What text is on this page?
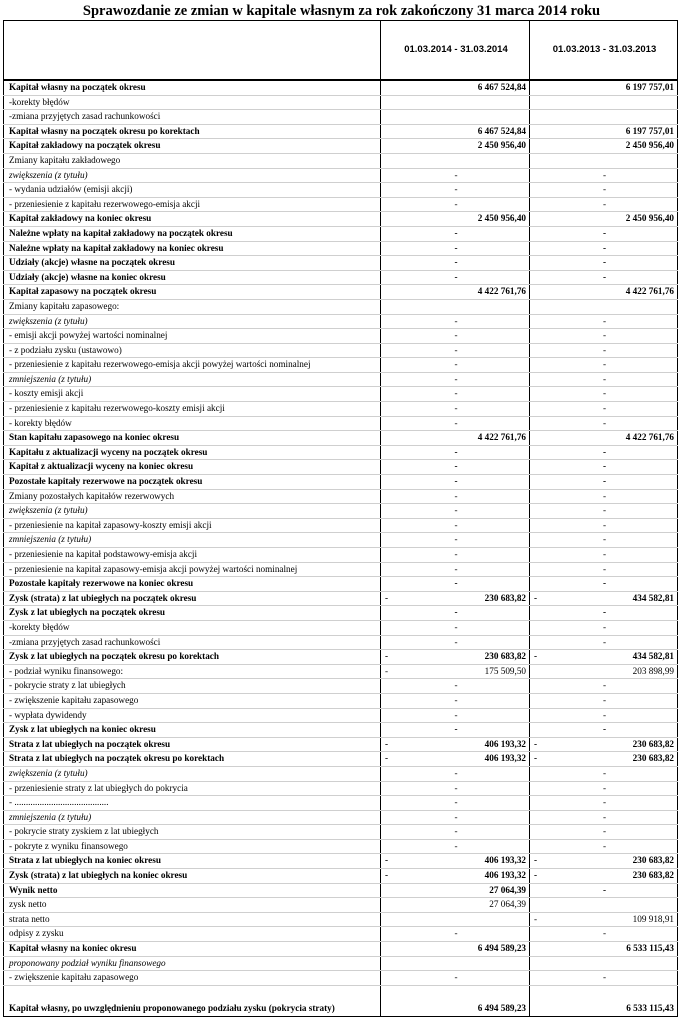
Sprawozdanie ze zmian w kapitale własnym za rok zakończony 31 marca 2014 roku
	01.03.2014 - 31.03.2014	01.03.2013 - 31.03.2013
Kapitał własny na początek okresu	6 467 524,84	6 197 757,01
-korekty błędów		
-zmiana przyjętych zasad rachunkowości		
Kapitał własny na początek okresu po korektach	6 467 524,84	6 197 757,01
Kapitał zakładowy na początek okresu	2 450 956,40	2 450 956,40
Zmiany kapitału zakładowego		
zwiększenia (z tytułu)	-	-

- wydania udziałów (emisji akcji)	-	-

- przeniesienie z kapitału rezerwowego-emisja akcji	-	-

Kapitał zakładowy na koniec okresu	2 450 956,40	2 450 956,40
Należne wpłaty na kapitał zakładowy na początek okresu	-	-

Należne wpłaty na kapitał zakładowy na koniec okresu	-	-

Udziały (akcje) własne na początek okresu	-	-

Udziały (akcje) własne na koniec okresu	-	-

Kapitał zapasowy na początek okresu	4 422 761,76	4 422 761,76
Zmiany kapitału zapasowego:		
zwiększenia (z tytułu)	-	-

- emisji akcji powyżej wartości nominalnej	-	-

- z podziału zysku (ustawowo)	-	-

- przeniesienie z kapitału rezerwowego-emisja akcji powyżej wartości nominalnej	-	-

zmniejszenia (z tytułu)	-	-

- koszty emisji akcji	-	-

- przeniesienie z kapitału rezerwowego-koszty emisji akcji	-	-

- korekty błędów	-	-

Stan kapitału zapasowego na koniec okresu	4 422 761,76	4 422 761,76
Kapitału z aktualizacji wyceny na początek okresu	-	-

Kapitał z aktualizacji wyceny na koniec okresu	-	-

Pozostałe kapitały rezerwowe na początek okresu	-	-

Zmiany pozostałych kapitałów rezerwowych	-	-

zwiększenia (z tytułu)	-	-

- przeniesienie na kapitał zapasowy-koszty emisji akcji	-	-

zmniejszenia (z tytułu)	-	-

- przeniesienie na kapitał podstawowy-emisja akcji	-	-

- przeniesienie na kapitał zapasowy-emisja akcji powyżej wartości nominalnej	-	-

Pozostałe kapitały rezerwowe na koniec okresu	-	-

Zysk (strata) z lat ubiegłych na początek okresu	- 230 683,82	- 434 582,81
Zysk z lat ubiegłych na początek okresu	-	-

-korekty błędów	-	-

-zmiana przyjętych zasad rachunkowości	-	-

Zysk z lat ubiegłych na początek okresu po korektach	- 230 683,82	- 434 582,81
- podział wyniku finansowego:	- 175 509,50	203 898,99
- pokrycie straty z lat ubiegłych	-	-

- zwiększenie kapitału zapasowego	-	-

- wypłata dywidendy	-	-

Zysk z lat ubiegłych na koniec okresu	-	-

Strata z lat ubiegłych na początek okresu	- 406 193,32	- 230 683,82
Strata z lat ubiegłych na początek okresu po korektach	- 406 193,32	- 230 683,82
zwiększenia (z tytułu)	-	-

- przeniesienie straty z lat ubiegłych do pokrycia	-	-

- .........................................	-	-

zmniejszenia (z tytułu)	-	-

- pokrycie straty zyskiem z lat ubiegłych	-	-

- pokryte z wyniku finansowego	-	-

Strata z lat ubiegłych na koniec okresu	- 406 193,32	- 230 683,82
Zysk (strata) z lat ubiegłych na koniec okresu	- 406 193,32	- 230 683,82
Wynik netto	27 064,39	-

zysk netto	27 064,39	
strata netto		- 109 918,91
odpisy z zysku	-	-

Kapitał własny na koniec okresu	6 494 589,23	6 533 115,43
proponowany podział wyniku finansowego		
- zwiększenie kapitału zapasowego	-	-

Kapitał własny, po uwzględnieniu proponowanego podziału zysku (pokrycia straty)	6 494 589,23	6 533 115,43
